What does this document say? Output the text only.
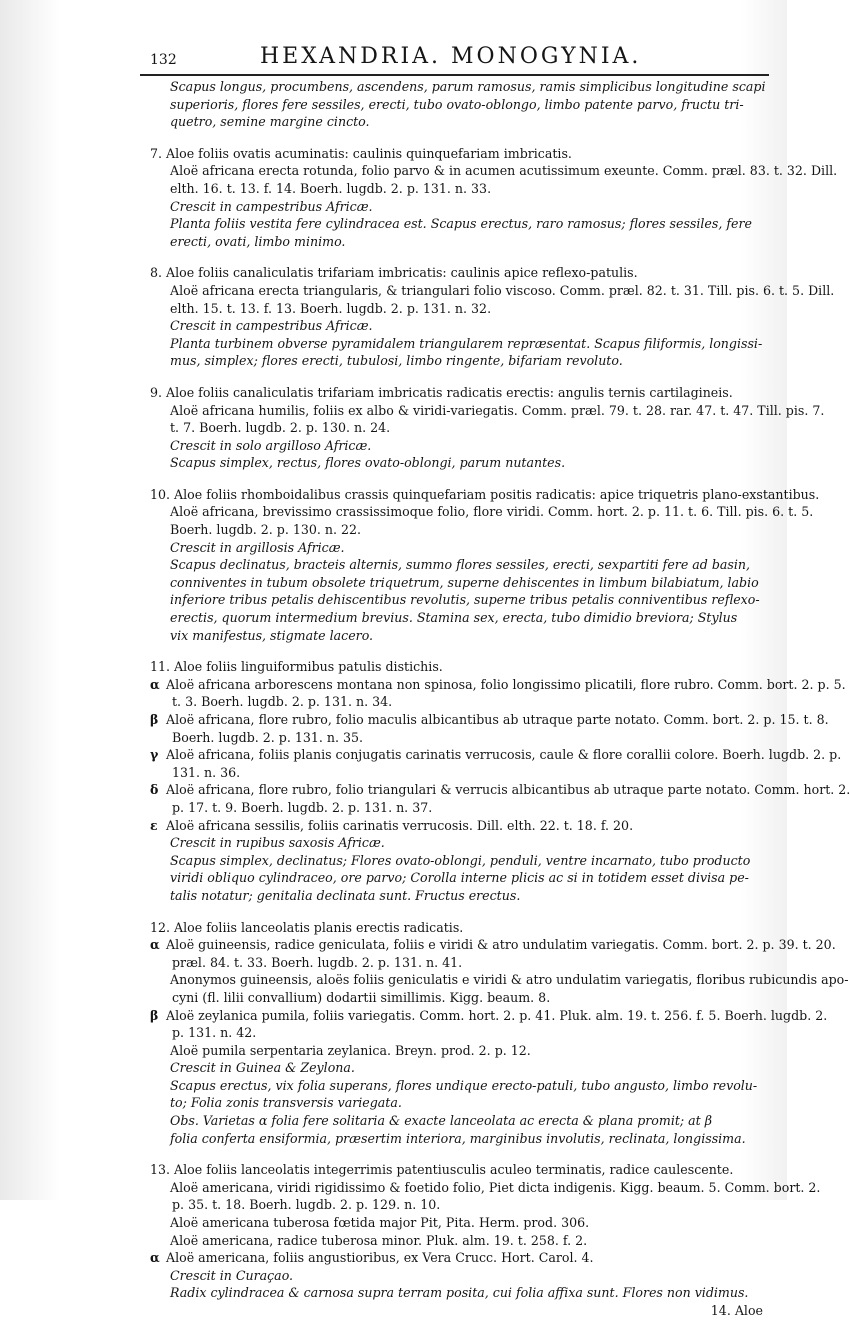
132	HEXANDRIA. MONOGYNIA.
Scapus longus, procumbens, ascendens, parum ramosus, ramis simplicibus longitudine scapi
superioris, flores fere sessiles, erecti, tubo ovato-oblongo, limbo patente parvo, fructu tri-
quetro, semine margine cincto.
7. Aloe foliis ovatis acuminatis: caulinis quinquefariam imbricatis.
Aloë africana erecta rotunda, folio parvo & in acumen acutissimum exeunte. Comm. præl. 83. t. 32. Dill.
elth. 16. t. 13. f. 14. Boerh. lugdb. 2. p. 131. n. 33.
Crescit in campestribus Africæ.
Planta foliis vestita fere cylindracea est. Scapus erectus, raro ramosus; flores sessiles, fere
erecti, ovati, limbo minimo.
8. Aloe foliis canaliculatis trifariam imbricatis: caulinis apice reflexo-patulis.
Aloë africana erecta triangularis, & triangulari folio viscoso. Comm. præl. 82. t. 31. Till. pis. 6. t. 5. Dill.
elth. 15. t. 13. f. 13. Boerh. lugdb. 2. p. 131. n. 32.
Crescit in campestribus Africæ.
Planta turbinem obverse pyramidalem triangularem repræsentat. Scapus filiformis, longissi-
mus, simplex; flores erecti, tubulosi, limbo ringente, bifariam revoluto.
9. Aloe foliis canaliculatis trifariam imbricatis radicatis erectis: angulis ternis cartilagineis.
Aloë africana humilis, foliis ex albo & viridi-variegatis. Comm. præl. 79. t. 28. rar. 47. t. 47. Till. pis. 7.
t. 7. Boerh. lugdb. 2. p. 130. n. 24.
Crescit in solo argilloso Africæ.
Scapus simplex, rectus, flores ovato-oblongi, parum nutantes.
10. Aloe foliis rhomboidalibus crassis quinquefariam positis radicatis: apice triquetris plano-exstantibus.
Aloë africana, brevissimo crassissimoque folio, flore viridi. Comm. hort. 2. p. 11. t. 6. Till. pis. 6. t. 5.
Boerh. lugdb. 2. p. 130. n. 22.
Crescit in argillosis Africæ.
Scapus declinatus, bracteis alternis, summo flores sessiles, erecti, sexpartiti fere ad basin,
conniventes in tubum obsolete triquetrum, superne dehiscentes in limbum bilabiatum, labio
inferiore tribus petalis dehiscentibus revolutis, superne tribus petalis conniventibus reflexo-
erectis, quorum intermedium brevius. Stamina sex, erecta, tubo dimidio breviora; Stylus
vix manifestus, stigmate lacero.
11. Aloe foliis linguiformibus patulis distichis.
α Aloë africana arborescens montana non spinosa, folio longissimo plicatili, flore rubro. Comm. bort. 2. p. 5.
t. 3. Boerh. lugdb. 2. p. 131. n. 34.
β Aloë africana, flore rubro, folio maculis albicantibus ab utraque parte notato. Comm. bort. 2. p. 15. t. 8.
Boerh. lugdb. 2. p. 131. n. 35.
γ Aloë africana, foliis planis conjugatis carinatis verrucosis, caule & flore corallii colore. Boerh. lugdb. 2. p.
131. n. 36.
δ Aloë africana, flore rubro, folio triangulari & verrucis albicantibus ab utraque parte notato. Comm. hort. 2.
p. 17. t. 9. Boerh. lugdb. 2. p. 131. n. 37.
ε Aloë africana sessilis, foliis carinatis verrucosis. Dill. elth. 22. t. 18. f. 20.
Crescit in rupibus saxosis Africæ.
Scapus simplex, declinatus; Flores ovato-oblongi, penduli, ventre incarnato, tubo producto
viridi obliquo cylindraceo, ore parvo; Corolla interne plicis ac si in totidem esset divisa pe-
talis notatur; genitalia declinata sunt. Fructus erectus.
12. Aloe foliis lanceolatis planis erectis radicatis.
α Aloë guineensis, radice geniculata, foliis e viridi & atro undulatim variegatis. Comm. bort. 2. p. 39. t. 20.
præl. 84. t. 33. Boerh. lugdb. 2. p. 131. n. 41.
Anonymos guineensis, aloës foliis geniculatis e viridi & atro undulatim variegatis, floribus rubicundis apo-
cyni (fl. lilii convallium) dodartii simillimis. Kigg. beaum. 8.
β Aloë zeylanica pumila, foliis variegatis. Comm. hort. 2. p. 41. Pluk. alm. 19. t. 256. f. 5. Boerh. lugdb. 2.
p. 131. n. 42.
Aloë pumila serpentaria zeylanica. Breyn. prod. 2. p. 12.
Crescit in Guinea & Zeylona.
Scapus erectus, vix folia superans, flores undique erecto-patuli, tubo angusto, limbo revolu-
to; Folia zonis transversis variegata.
Obs. Varietas α folia fere solitaria & exacte lanceolata ac erecta & plana promit; at β
folia conferta ensiformia, præsertim interiora, marginibus involutis, reclinata, longissima.
13. Aloe foliis lanceolatis integerrimis patentiusculis aculeo terminatis, radice caulescente.
Aloë americana, viridi rigidissimo & foetido folio, Piet dicta indigenis. Kigg. beaum. 5. Comm. bort. 2.
p. 35. t. 18. Boerh. lugdb. 2. p. 129. n. 10.
Aloë americana tuberosa fœtida major Pit, Pita. Herm. prod. 306.
Aloë americana, radice tuberosa minor. Pluk. alm. 19. t. 258. f. 2.
α Aloë americana, foliis angustioribus, ex Vera Crucc. Hort. Carol. 4.
Crescit in Curaçao.
Radix cylindracea & carnosa supra terram posita, cui folia affixa sunt. Flores non vidimus.
14. Aloe
